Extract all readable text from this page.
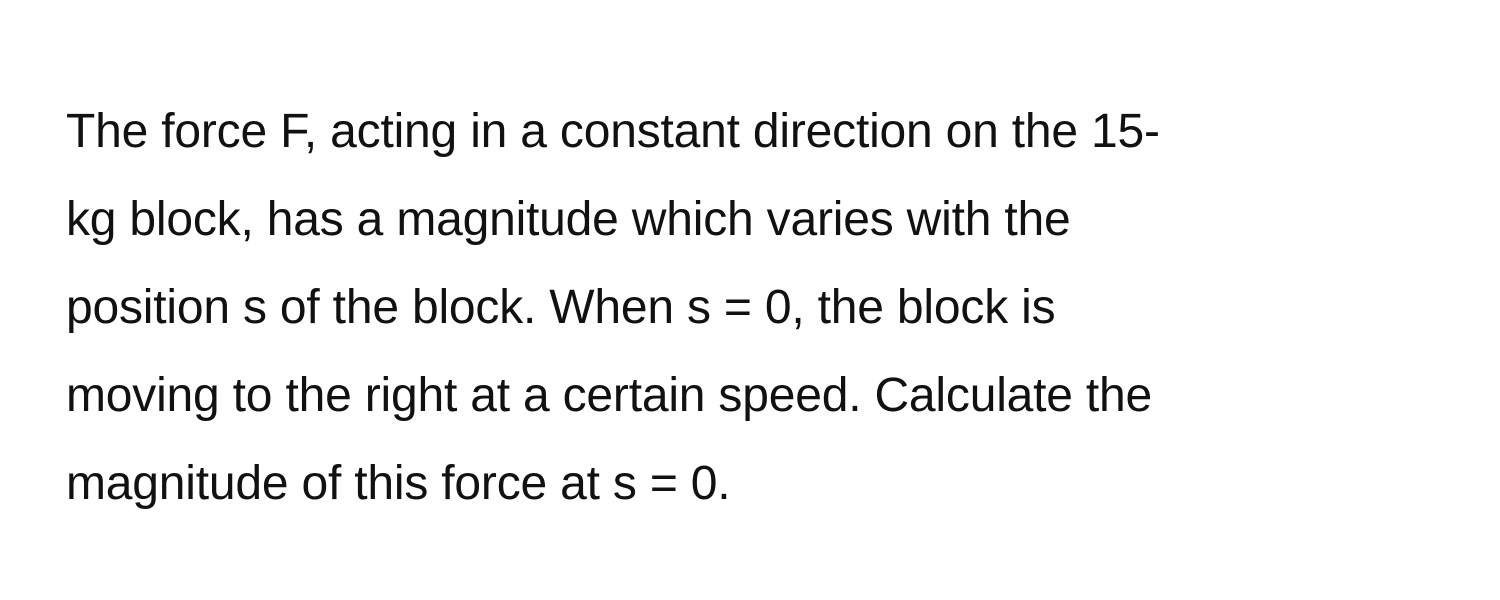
The force F, acting in a constant direction on the 15-
kg block, has a magnitude which varies with the
position s of the block. When s = 0, the block is
moving to the right at a certain speed. Calculate the
magnitude of this force at s = 0.
